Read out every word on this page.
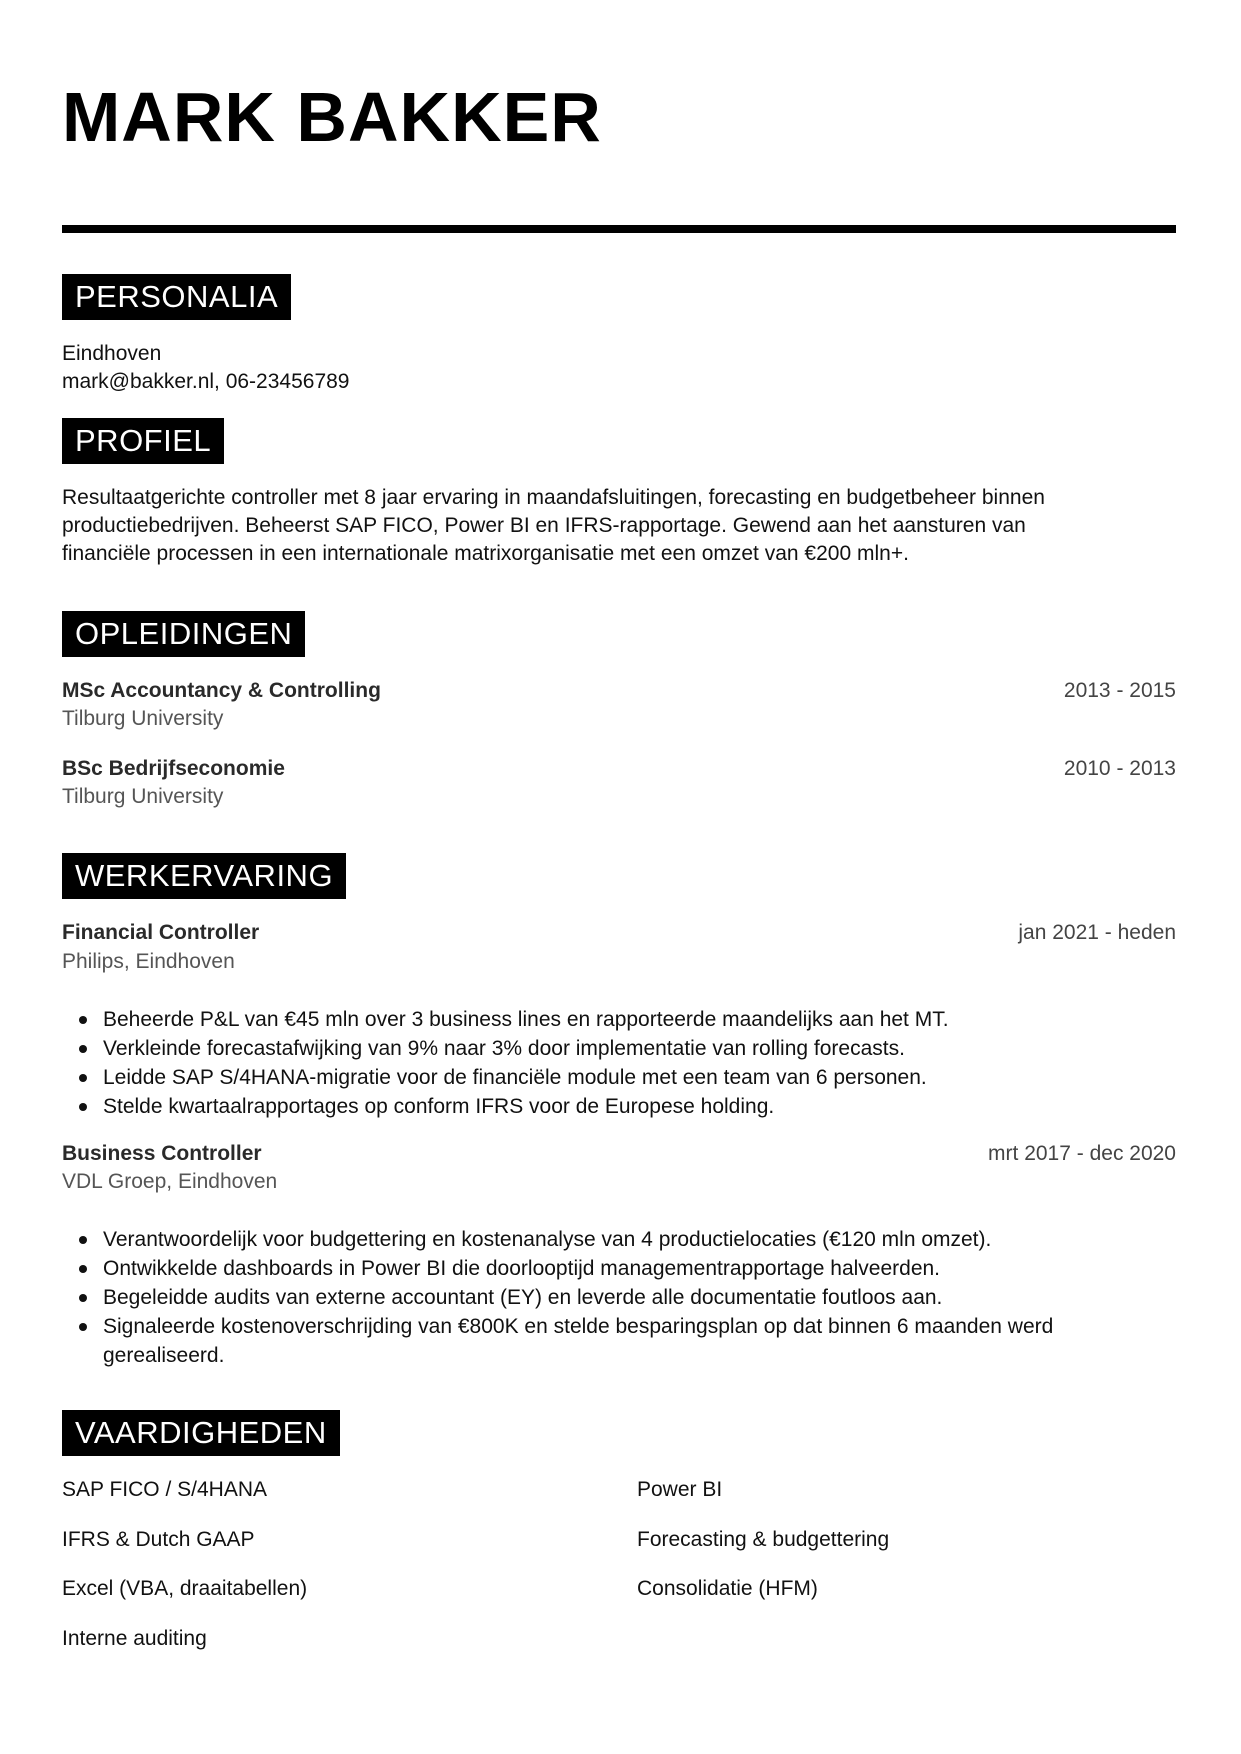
MARK BAKKER
PERSONALIA

Eindhoven

mark@bakker.nl, 06-23456789

PROFIEL
Resultaatgerichte controller met 8 jaar ervaring in maandafsluitingen, forecasting en budgetbeheer binnen
productiebedrijven. Beheerst SAP FICO, Power BI en IFRS-rapportage. Gewend aan het aansturen van
financiële processen in een internationale matrixorganisatie met een omzet van €200 mln+.
OPLEIDINGEN

MSc Accountancy & Controlling	2013 - 2015

Tilburg University

BSc Bedrijfseconomie	2010 - 2013

Tilburg University

WERKERVARING

Financial Controller	jan 2021 - heden

Philips, Eindhoven

Beheerde P&L van €45 mln over 3 business lines en rapporteerde maandelijks aan het MT.
Verkleinde forecastafwijking van 9% naar 3% door implementatie van rolling forecasts.
Leidde SAP S/4HANA-migratie voor de financiële module met een team van 6 personen.
Stelde kwartaalrapportages op conform IFRS voor de Europese holding.

Business Controller	mrt 2017 - dec 2020

VDL Groep, Eindhoven

Verantwoordelijk voor budgettering en kostenanalyse van 4 productielocaties (€120 mln omzet).
Ontwikkelde dashboards in Power BI die doorlooptijd managementrapportage halveerden.
Begeleidde audits van externe accountant (EY) en leverde alle documentatie foutloos aan.
Signaleerde kostenoverschrijding van €800K en stelde besparingsplan op dat binnen 6 maanden werd
gerealiseerd.
VAARDIGHEDEN
SAP FICO / S/4HANA	Power BI
IFRS & Dutch GAAP	Forecasting & budgettering
Excel (VBA, draaitabellen)	Consolidatie (HFM)
Interne auditing
